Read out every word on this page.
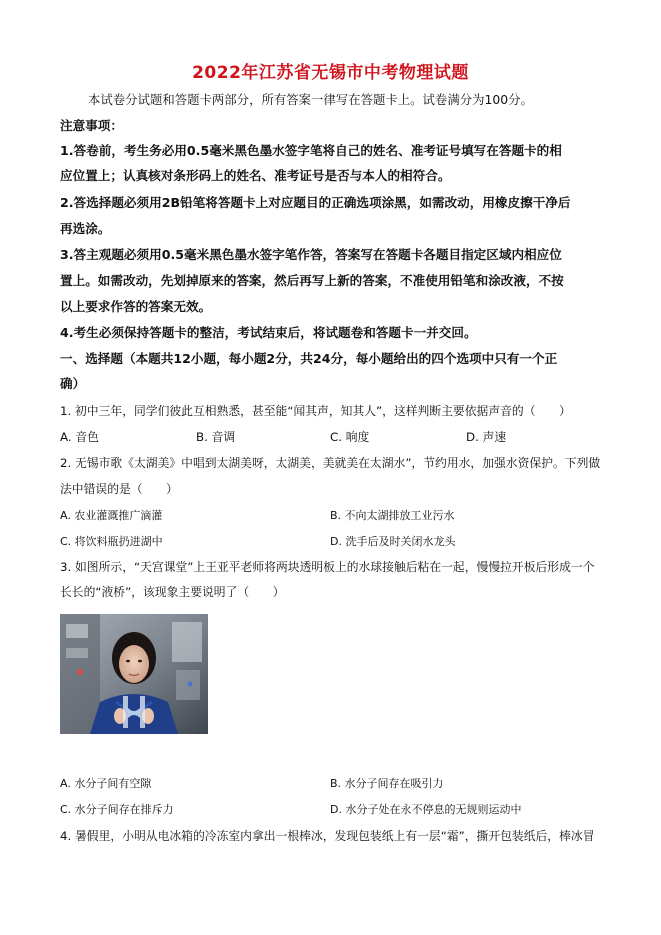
2022年江苏省无锡市中考物理试题
本试卷分试题和答题卡两部分，所有答案一律写在答题卡上。试卷满分为100分。
注意事项：
1.答卷前，考生务必用0.5毫米黑色墨水签字笔将自己的姓名、准考证号填写在答题卡的相
应位置上；认真核对条形码上的姓名、准考证号是否与本人的相符合。
2.答选择题必须用2B铅笔将答题卡上对应题目的正确选项涂黑，如需改动，用橡皮擦干净后
再选涂。
3.答主观题必须用0.5毫米黑色墨水签字笔作答，答案写在答题卡各题目指定区域内相应位
置上。如需改动，先划掉原来的答案，然后再写上新的答案，不准使用铅笔和涂改液，不按
以上要求作答的答案无效。
4.考生必须保持答题卡的整洁，考试结束后，将试题卷和答题卡一并交回。
一、选择题（本题共12小题，每小题2分，共24分，每小题给出的四个选项中只有一个正
确）
1. 初中三年，同学们彼此互相熟悉，甚至能“闻其声，知其人”，这样判断主要依据声音的（　　）
A. 音色	B. 音调	C. 响度	D. 声速
2. 无锡市歌《太湖美》中唱到太湖美呀，太湖美，美就美在太湖水”，节约用水，加强水资保护。下列做
法中错误的是（　　）
A. 农业灌溉推广滴灌	B. 不向太湖排放工业污水
C. 将饮料瓶扔进湖中	D. 洗手后及时关闭水龙头
3. 如图所示，“天宫课堂”上王亚平老师将两块透明板上的水球接触后粘在一起，慢慢拉开板后形成一个
长长的“液桥”，该现象主要说明了（　　）
A. 水分子间有空隙	B. 水分子间存在吸引力
C. 水分子间存在排斥力	D. 水分子处在永不停息的无规则运动中
4. 暑假里，小明从电冰箱的冷冻室内拿出一根棒冰，发现包装纸上有一层“霜”，撕开包装纸后，棒冰冒
